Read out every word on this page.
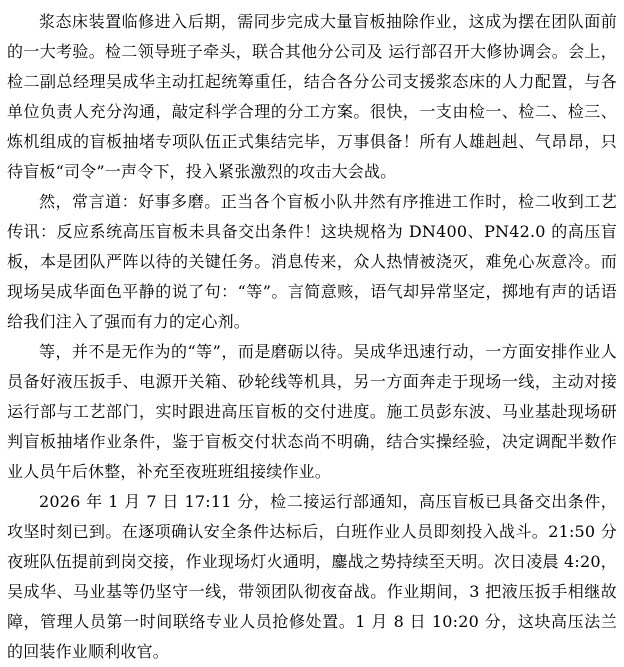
浆态床装置临修进入后期，需同步完成大量盲板抽除作业，这成为摆在团队面前的一大考验。检二领导班子牵头，联合其他分公司及 运行部召开大修协调会。会上，检二副总经理吴成华主动扛起统筹重任，结合各分公司支援浆态床的人力配置，与各单位负责人充分沟通，敲定科学合理的分工方案。很快，一支由检一、检二、检三、炼机组成的盲板抽堵专项队伍正式集结完毕，万事俱备！所有人雄赳赳、气昂昂，只待盲板“司令”一声令下，投入紧张激烈的攻击大会战。

然，常言道：好事多磨。正当各个盲板小队井然有序推进工作时，检二收到工艺传讯：反应系统高压盲板未具备交出条件！这块规格为 DN400、PN42.0 的高压盲板，本是团队严阵以待的关键任务。消息传来，众人热情被浇灭，难免心灰意冷。而现场吴成华面色平静的说了句：“等”。言简意赅，语气却异常坚定，掷地有声的话语给我们注入了强而有力的定心剂。

等，并不是无作为的“等”，而是磨砺以待。吴成华迅速行动，一方面安排作业人员备好液压扳手、电源开关箱、砂轮线等机具，另一方面奔走于现场一线，主动对接运行部与工艺部门，实时跟进高压盲板的交付进度。施工员彭东波、马业基赴现场研判盲板抽堵作业条件，鉴于盲板交付状态尚不明确，结合实操经验，决定调配半数作业人员午后休整，补充至夜班班组接续作业。

2026 年 1 月 7 日 17:11 分，检二接运行部通知，高压盲板已具备交出条件，攻坚时刻已到。在逐项确认安全条件达标后，白班作业人员即刻投入战斗。21:50 分夜班队伍提前到岗交接，作业现场灯火通明，鏖战之势持续至天明。次日凌晨 4:20，吴成华、马业基等仍坚守一线，带领团队彻夜奋战。作业期间，3 把液压扳手相继故障，管理人员第一时间联络专业人员抢修处置。1 月 8 日 10:20 分，这块高压法兰的回装作业顺利收官。
